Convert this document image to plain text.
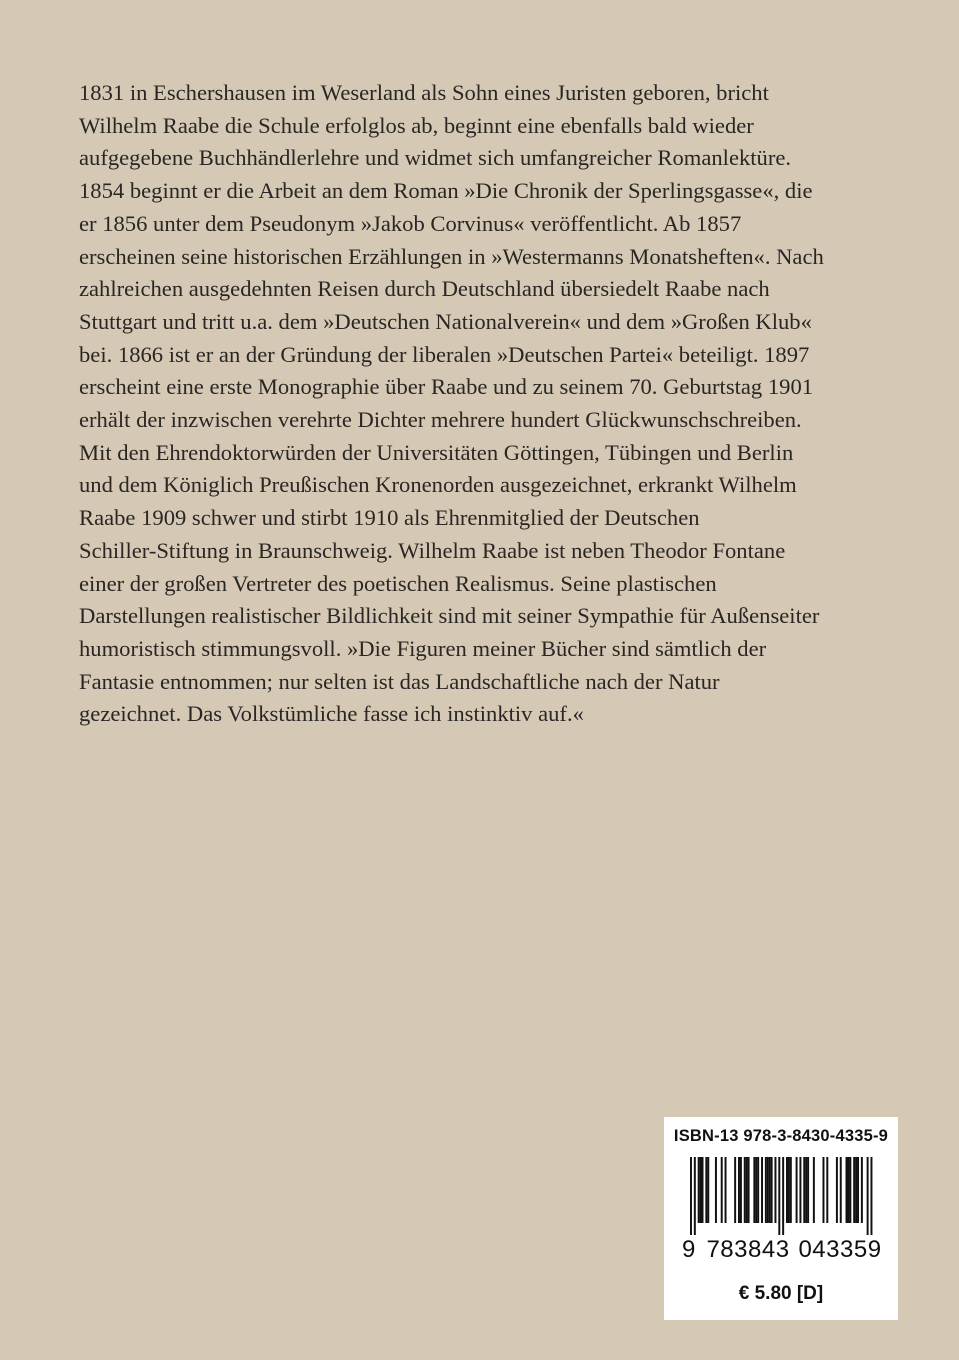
1831 in Eschershausen im Weserland als Sohn eines Juristen geboren, bricht
Wilhelm Raabe die Schule erfolglos ab, beginnt eine ebenfalls bald wieder
aufgegebene Buchhändlerlehre und widmet sich umfangreicher Romanlektüre.
1854 beginnt er die Arbeit an dem Roman »Die Chronik der Sperlingsgasse«, die
er 1856 unter dem Pseudonym »Jakob Corvinus« veröffentlicht. Ab 1857
erscheinen seine historischen Erzählungen in »Westermanns Monatsheften«. Nach
zahlreichen ausgedehnten Reisen durch Deutschland übersiedelt Raabe nach
Stuttgart und tritt u.a. dem »Deutschen Nationalverein« und dem »Großen Klub«
bei. 1866 ist er an der Gründung der liberalen »Deutschen Partei« beteiligt. 1897
erscheint eine erste Monographie über Raabe und zu seinem 70. Geburtstag 1901
erhält der inzwischen verehrte Dichter mehrere hundert Glückwunschschreiben.
Mit den Ehrendoktorwürden der Universitäten Göttingen, Tübingen und Berlin
und dem Königlich Preußischen Kronenorden ausgezeichnet, erkrankt Wilhelm
Raabe 1909 schwer und stirbt 1910 als Ehrenmitglied der Deutschen
Schiller-Stiftung in Braunschweig. Wilhelm Raabe ist neben Theodor Fontane
einer der großen Vertreter des poetischen Realismus. Seine plastischen
Darstellungen realistischer Bildlichkeit sind mit seiner Sympathie für Außenseiter
humoristisch stimmungsvoll. »Die Figuren meiner Bücher sind sämtlich der
Fantasie entnommen; nur selten ist das Landschaftliche nach der Natur
gezeichnet. Das Volkstümliche fasse ich instinktiv auf.«
ISBN-13 978-3-8430-4335-9
9 783843 043359
€ 5.80 [D]
